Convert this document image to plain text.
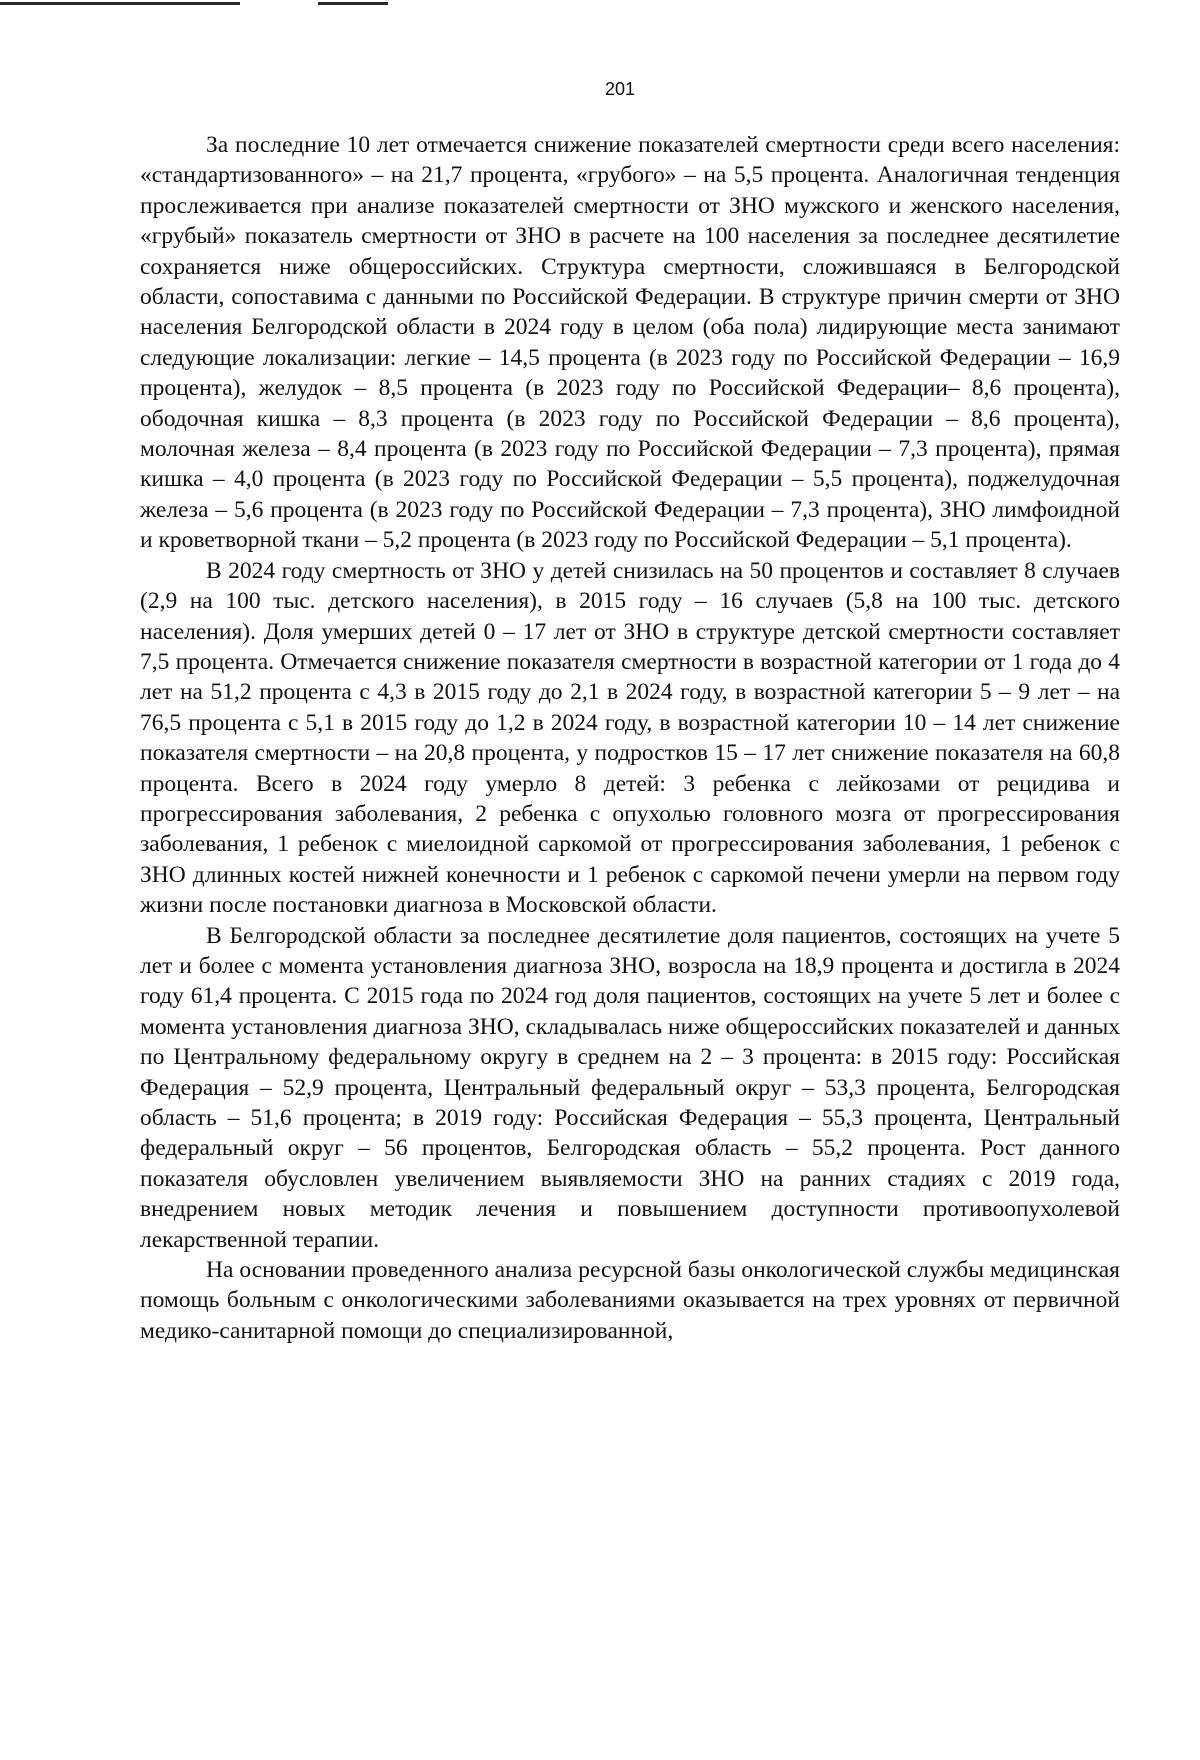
201

За последние 10 лет отмечается снижение показателей смертности среди всего населения: «стандартизованного» – на 21,7 процента, «грубого» – на 5,5 процента. Аналогичная тенденция прослеживается при анализе показателей смертности от ЗНО мужского и женского населения, «грубый» показатель смертности от ЗНО в расчете на 100 населения за последнее десятилетие сохраняется ниже общероссийских. Структура смертности, сложившаяся в Белгородской области, сопоставима с данными по Российской Федерации. В структуре причин смерти от ЗНО населения Белгородской области в 2024 году в целом (оба пола) лидирующие места занимают следующие локализации: легкие – 14,5 процента (в 2023 году по Российской Федерации – 16,9 процента), желудок – 8,5 процента (в 2023 году по Российской Федерации– 8,6 процента), ободочная кишка – 8,3 процента (в 2023 году по Российской Федерации – 8,6 процента), молочная железа – 8,4 процента (в 2023 году по Российской Федерации – 7,3 процента), прямая кишка – 4,0 процента (в 2023 году по Российской Федерации – 5,5 процента), поджелудочная железа – 5,6 процента (в 2023 году по Российской Федерации – 7,3 процента), ЗНО лимфоидной и кроветворной ткани – 5,2 процента (в 2023 году по Российской Федерации – 5,1 процента).

В 2024 году смертность от ЗНО у детей снизилась на 50 процентов и составляет 8 случаев (2,9 на 100 тыс. детского населения), в 2015 году – 16 случаев (5,8 на 100 тыс. детского населения). Доля умерших детей 0 – 17 лет от ЗНО в структуре детской смертности составляет 7,5 процента. Отмечается снижение показателя смертности в возрастной категории от 1 года до 4 лет на 51,2 процента с 4,3 в 2015 году до 2,1 в 2024 году, в возрастной категории 5 – 9 лет – на 76,5 процента с 5,1 в 2015 году до 1,2 в 2024 году, в возрастной категории 10 – 14 лет снижение показателя смертности – на 20,8 процента, у подростков 15 – 17 лет снижение показателя на 60,8 процента. Всего в 2024 году умерло 8 детей: 3 ребенка с лейкозами от рецидива и прогрессирования заболевания, 2 ребенка с опухолью головного мозга от прогрессирования заболевания, 1 ребенок с миелоидной саркомой от прогрессирования заболевания, 1 ребенок с ЗНО длинных костей нижней конечности и 1 ребенок с саркомой печени умерли на первом году жизни после постановки диагноза в Московской области.

В Белгородской области за последнее десятилетие доля пациентов, состоящих на учете 5 лет и более с момента установления диагноза ЗНО, возросла на 18,9 процента и достигла в 2024 году 61,4 процента. С 2015 года по 2024 год доля пациентов, состоящих на учете 5 лет и более с момента установления диагноза ЗНО, складывалась ниже общероссийских показателей и данных по Центральному федеральному округу в среднем на 2 – 3 процента: в 2015 году: Российская Федерация – 52,9 процента, Центральный федеральный округ – 53,3 процента, Белгородская область – 51,6 процента; в 2019 году: Российская Федерация – 55,3 процента, Центральный федеральный округ – 56 процентов, Белгородская область – 55,2 процента. Рост данного показателя обусловлен увеличением выявляемости ЗНО на ранних стадиях с 2019 года, внедрением новых методик лечения и повышением доступности противоопухолевой лекарственной терапии.

На основании проведенного анализа ресурсной базы онкологической службы медицинская помощь больным с онкологическими заболеваниями оказывается на трех уровнях от первичной медико-санитарной помощи до специализированной,
